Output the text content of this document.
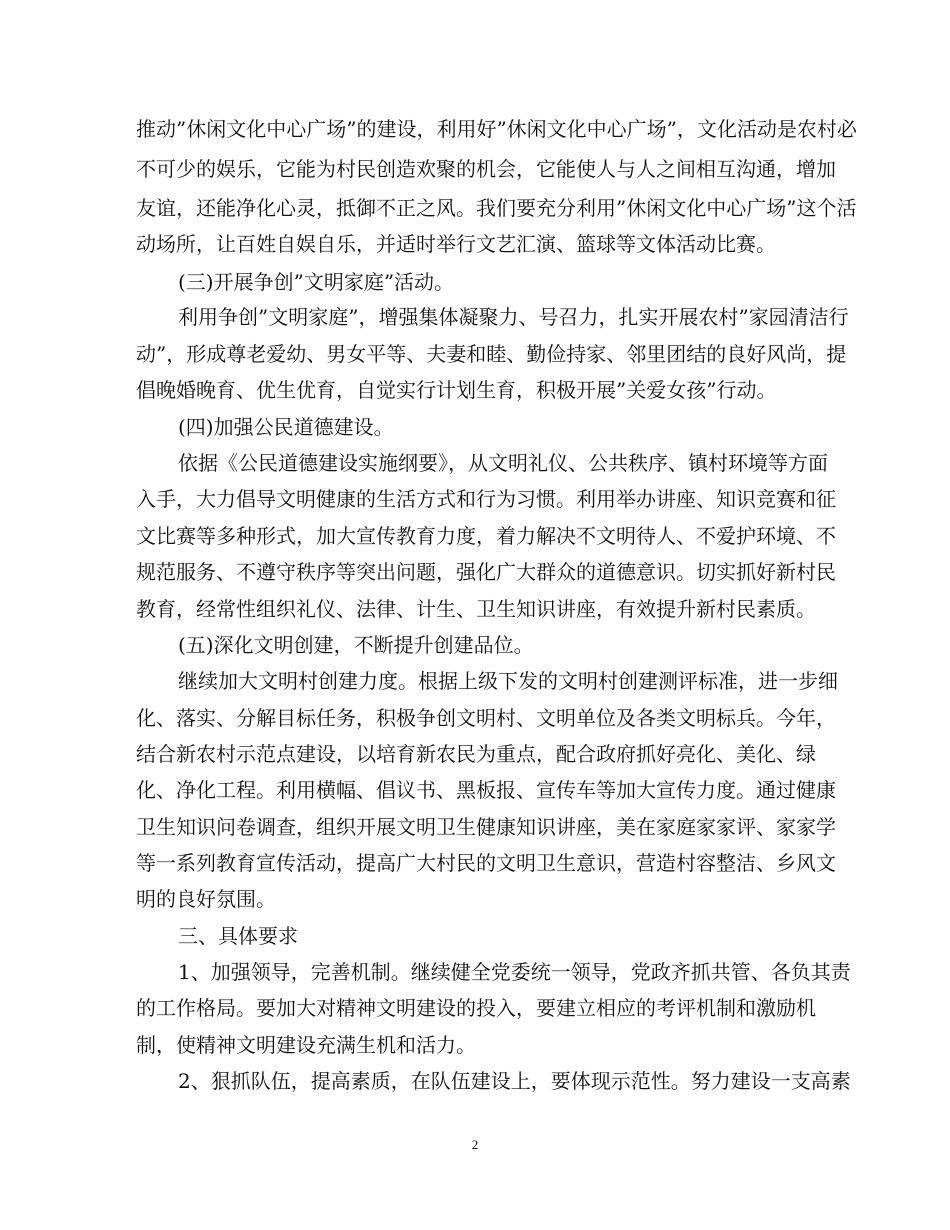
推动”休闲文化中心广场”的建设，利用好”休闲文化中心广场”，文化活动是农村必
不可少的娱乐，它能为村民创造欢聚的机会，它能使人与人之间相互沟通，增加
友谊，还能净化心灵，抵御不正之风。我们要充分利用”休闲文化中心广场”这个活
动场所，让百姓自娱自乐，并适时举行文艺汇演、篮球等文体活动比赛。
(三)开展争创”文明家庭”活动。
利用争创”文明家庭”，增强集体凝聚力、号召力，扎实开展农村”家园清洁行
动”，形成尊老爱幼、男女平等、夫妻和睦、勤俭持家、邻里团结的良好风尚，提
倡晚婚晚育、优生优育，自觉实行计划生育，积极开展”关爱女孩”行动。
(四)加强公民道德建设。
依据《公民道德建设实施纲要》，从文明礼仪、公共秩序、镇村环境等方面
入手，大力倡导文明健康的生活方式和行为习惯。利用举办讲座、知识竞赛和征
文比赛等多种形式，加大宣传教育力度，着力解决不文明待人、不爱护环境、不
规范服务、不遵守秩序等突出问题，强化广大群众的道德意识。切实抓好新村民
教育，经常性组织礼仪、法律、计生、卫生知识讲座，有效提升新村民素质。
(五)深化文明创建，不断提升创建品位。
继续加大文明村创建力度。根据上级下发的文明村创建测评标准，进一步细
化、落实、分解目标任务，积极争创文明村、文明单位及各类文明标兵。今年，
结合新农村示范点建设，以培育新农民为重点，配合政府抓好亮化、美化、绿
化、净化工程。利用横幅、倡议书、黑板报、宣传车等加大宣传力度。通过健康
卫生知识问卷调查，组织开展文明卫生健康知识讲座，美在家庭家家评、家家学
等一系列教育宣传活动，提高广大村民的文明卫生意识，营造村容整洁、乡风文
明的良好氛围。
三、具体要求
1、加强领导，完善机制。继续健全党委统一领导，党政齐抓共管、各负其责
的工作格局。要加大对精神文明建设的投入，要建立相应的考评机制和激励机
制，使精神文明建设充满生机和活力。
2、狠抓队伍，提高素质，在队伍建设上，要体现示范性。努力建设一支高素
2
